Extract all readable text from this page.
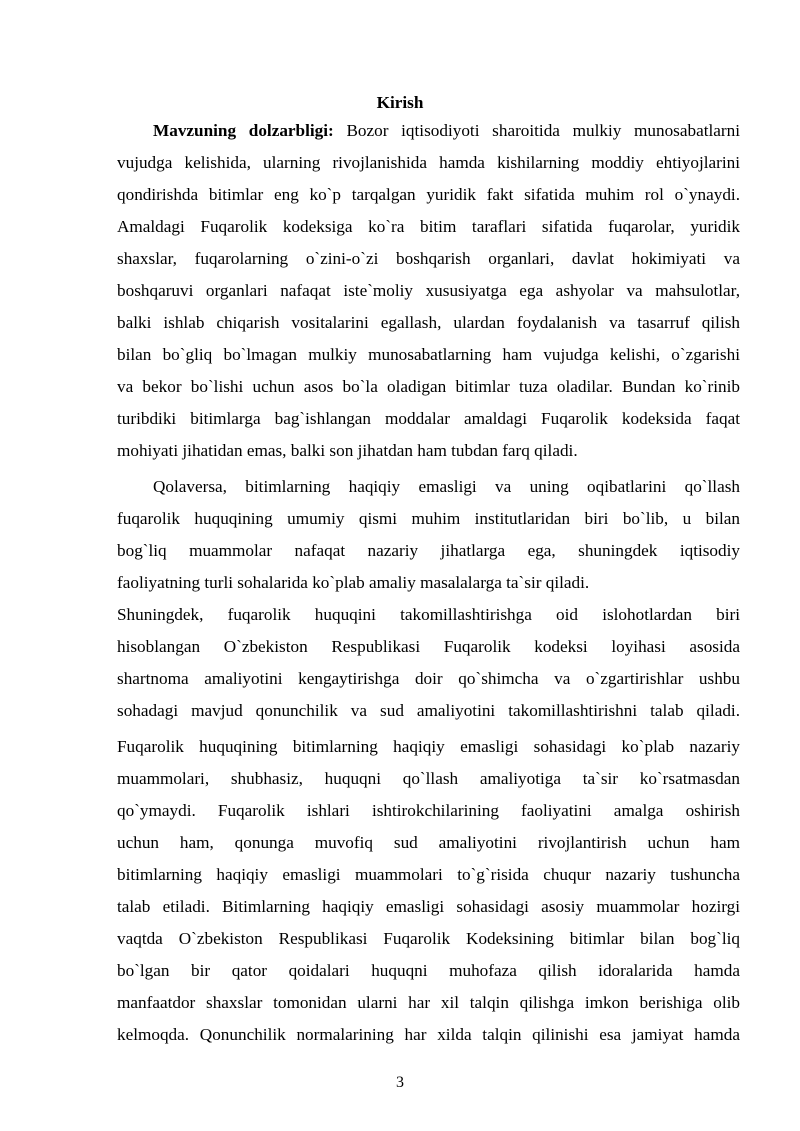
Kirish
Mavzuning dolzarbligi: Bozor iqtisodiyoti sharoitida mulkiy munosabatlarni
vujudga kelishida, ularning rivojlanishida hamda kishilarning moddiy ehtiyojlarini
qondirishda bitimlar eng ko`p tarqalgan yuridik fakt sifatida muhim rol o`ynaydi.
Amaldagi Fuqarolik kodeksiga ko`ra bitim taraflari sifatida fuqarolar, yuridik
shaxslar, fuqarolarning o`zini-o`zi boshqarish organlari, davlat hokimiyati va
boshqaruvi organlari nafaqat iste`moliy xususiyatga ega ashyolar va mahsulotlar,
balki ishlab chiqarish vositalarini egallash, ulardan foydalanish va tasarruf qilish
bilan bo`gliq bo`lmagan mulkiy munosabatlarning ham vujudga kelishi, o`zgarishi
va bekor bo`lishi uchun asos bo`la oladigan bitimlar tuza oladilar. Bundan ko`rinib
turibdiki bitimlarga bag`ishlangan moddalar amaldagi Fuqarolik kodeksida faqat
mohiyati jihatidan emas, balki son jihatdan ham tubdan farq qiladi.
Qolaversa, bitimlarning haqiqiy emasligi va uning oqibatlarini qo`llash
fuqarolik huquqining umumiy qismi muhim institutlaridan biri bo`lib, u bilan
bog`liq muammolar nafaqat nazariy jihatlarga ega, shuningdek iqtisodiy
faoliyatning turli sohalarida ko`plab amaliy masalalarga ta`sir qiladi.
Shuningdek, fuqarolik huquqini takomillashtirishga oid islohotlardan biri
hisoblangan O`zbekiston Respublikasi Fuqarolik kodeksi loyihasi asosida
shartnoma amaliyotini kengaytirishga doir qo`shimcha va o`zgartirishlar ushbu
sohadagi mavjud qonunchilik va sud amaliyotini takomillashtirishni talab qiladi.
Fuqarolik huquqining bitimlarning haqiqiy emasligi sohasidagi ko`plab nazariy
muammolari, shubhasiz, huquqni qo`llash amaliyotiga ta`sir ko`rsatmasdan
qo`ymaydi. Fuqarolik ishlari ishtirokchilarining faoliyatini amalga oshirish
uchun ham, qonunga muvofiq sud amaliyotini rivojlantirish uchun ham
bitimlarning haqiqiy emasligi muammolari to`g`risida chuqur nazariy tushuncha
talab etiladi. Bitimlarning haqiqiy emasligi sohasidagi asosiy muammolar hozirgi
vaqtda O`zbekiston Respublikasi Fuqarolik Kodeksining bitimlar bilan bog`liq
bo`lgan bir qator qoidalari huquqni muhofaza qilish idoralarida hamda
manfaatdor shaxslar tomonidan ularni har xil talqin qilishga imkon berishiga olib
kelmoqda. Qonunchilik normalarining har xilda talqin qilinishi esa jamiyat hamda
3
